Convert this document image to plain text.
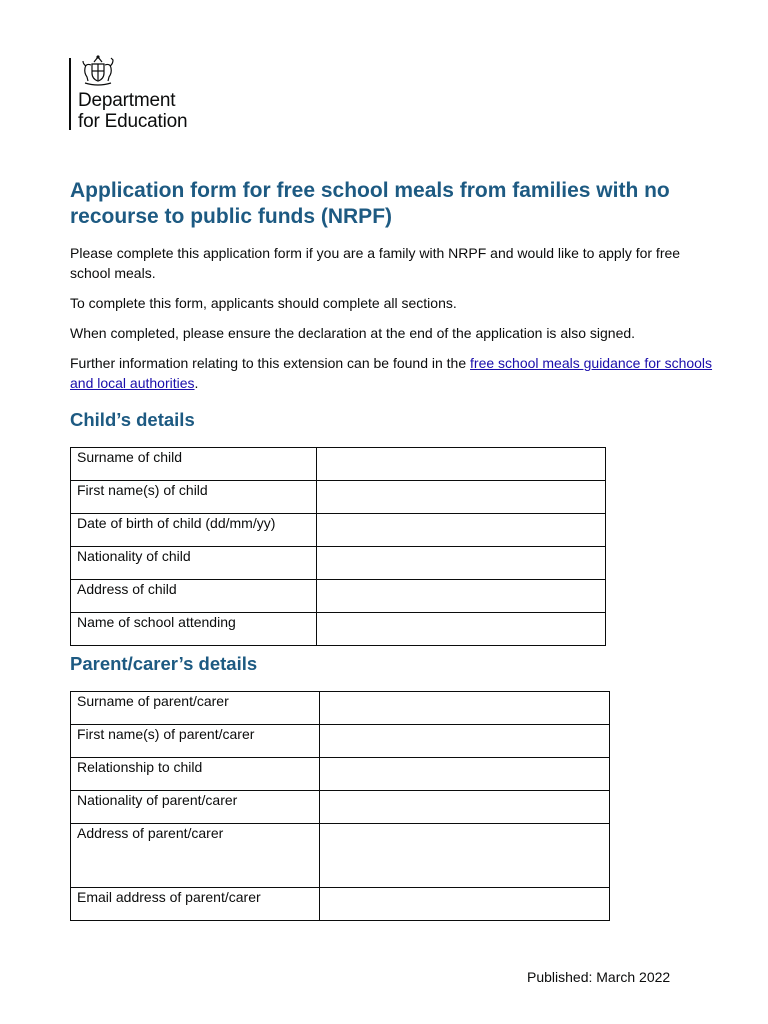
Department
for Education
Application form for free school meals from families with no recourse to public funds (NRPF)

Please complete this application form if you are a family with NRPF and would like to apply for free school meals.

To complete this form, applicants should complete all sections.

When completed, please ensure the declaration at the end of the application is also signed.

Further information relating to this extension can be found in the free school meals guidance for schools and local authorities.

Child’s details
Surname of child	
First name(s) of child	
Date of birth of child (dd/mm/yy)	
Nationality of child	
Address of child	
Name of school attending	
Parent/carer’s details
Surname of parent/carer	
First name(s) of parent/carer	
Relationship to child	
Nationality of parent/carer	
Address of parent/carer	
Email address of parent/carer	
Published: March 2022
